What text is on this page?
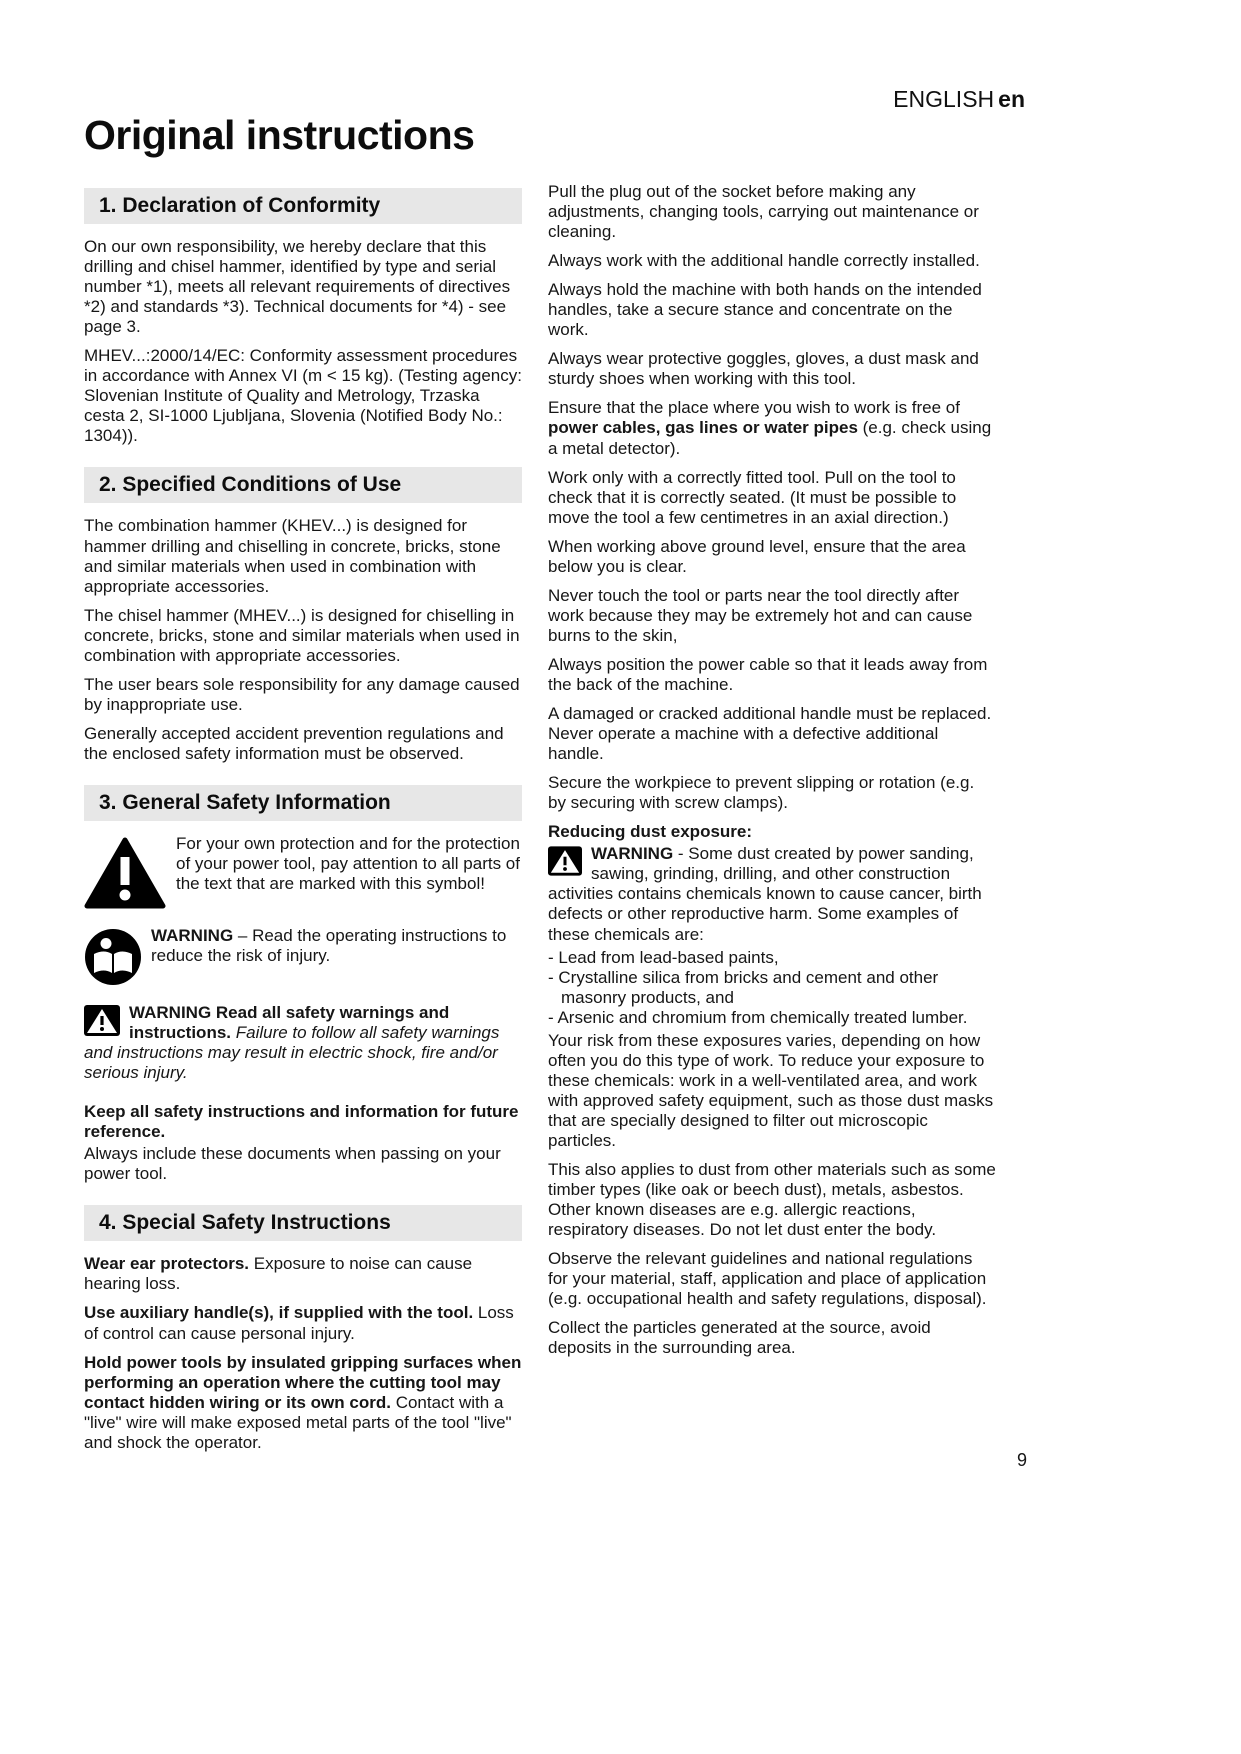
ENGLISH en
Original instructions
1. Declaration of Conformity

On our own responsibility, we hereby declare that this drilling and chisel hammer, identified by type and serial number *1), meets all relevant requirements of directives *2) and standards *3). Technical documents for *4) - see page 3.

MHEV...:2000/14/EC: Conformity assessment procedures in accordance with Annex VI (m < 15 kg). (Testing agency: Slovenian Institute of Quality and Metrology, Trzaska cesta 2, SI-1000 Ljubljana, Slovenia (Notified Body No.: 1304)).

2. Specified Conditions of Use

The combination hammer (KHEV...) is designed for hammer drilling and chiselling in concrete, bricks, stone and similar materials when used in combination with appropriate accessories.

The chisel hammer (MHEV...) is designed for chiselling in concrete, bricks, stone and similar materials when used in combination with appropriate accessories.

The user bears sole responsibility for any damage caused by inappropriate use.

Generally accepted accident prevention regulations and the enclosed safety information must be observed.

3. General Safety Information
For your own protection and for the protection of your power tool, pay attention to all parts of the text that are marked with this symbol!
WARNING – Read the operating instructions to reduce the risk of injury.
WARNING Read all safety warnings and instructions. Failure to follow all safety warnings and instructions may result in electric shock, fire and/or serious injury.

Keep all safety instructions and information for future reference.

Always include these documents when passing on your power tool.

4. Special Safety Instructions

Wear ear protectors. Exposure to noise can cause hearing loss.

Use auxiliary handle(s), if supplied with the tool. Loss of control can cause personal injury.

Hold power tools by insulated gripping surfaces when performing an operation where the cutting tool may contact hidden wiring or its own cord. Contact with a "live" wire will make exposed metal parts of the tool "live" and shock the operator.

Pull the plug out of the socket before making any adjustments, changing tools, carrying out maintenance or cleaning.

Always work with the additional handle correctly installed.

Always hold the machine with both hands on the intended handles, take a secure stance and concentrate on the work.

Always wear protective goggles, gloves, a dust mask and sturdy shoes when working with this tool.

Ensure that the place where you wish to work is free of power cables, gas lines or water pipes (e.g. check using a metal detector).

Work only with a correctly fitted tool. Pull on the tool to check that it is correctly seated. (It must be possible to move the tool a few centimetres in an axial direction.)

When working above ground level, ensure that the area below you is clear.

Never touch the tool or parts near the tool directly after work because they may be extremely hot and can cause burns to the skin,

Always position the power cable so that it leads away from the back of the machine.

A damaged or cracked additional handle must be replaced. Never operate a machine with a defective additional handle.

Secure the workpiece to prevent slipping or rotation (e.g. by securing with screw clamps).

Reducing dust exposure:

WARNING - Some dust created by power sanding, sawing, grinding, drilling, and other construction activities contains chemicals known to cause cancer, birth defects or other reproductive harm. Some examples of these chemicals are:
- Lead from lead-based paints,
- Crystalline silica from bricks and cement and other masonry products, and
- Arsenic and chromium from chemically treated lumber.

Your risk from these exposures varies, depending on how often you do this type of work. To reduce your exposure to these chemicals: work in a well-ventilated area, and work with approved safety equipment, such as those dust masks that are specially designed to filter out microscopic particles.

This also applies to dust from other materials such as some timber types (like oak or beech dust), metals, asbestos. Other known diseases are e.g. allergic reactions, respiratory diseases. Do not let dust enter the body.

Observe the relevant guidelines and national regulations for your material, staff, application and place of application (e.g. occupational health and safety regulations, disposal).

Collect the particles generated at the source, avoid deposits in the surrounding area.

9
